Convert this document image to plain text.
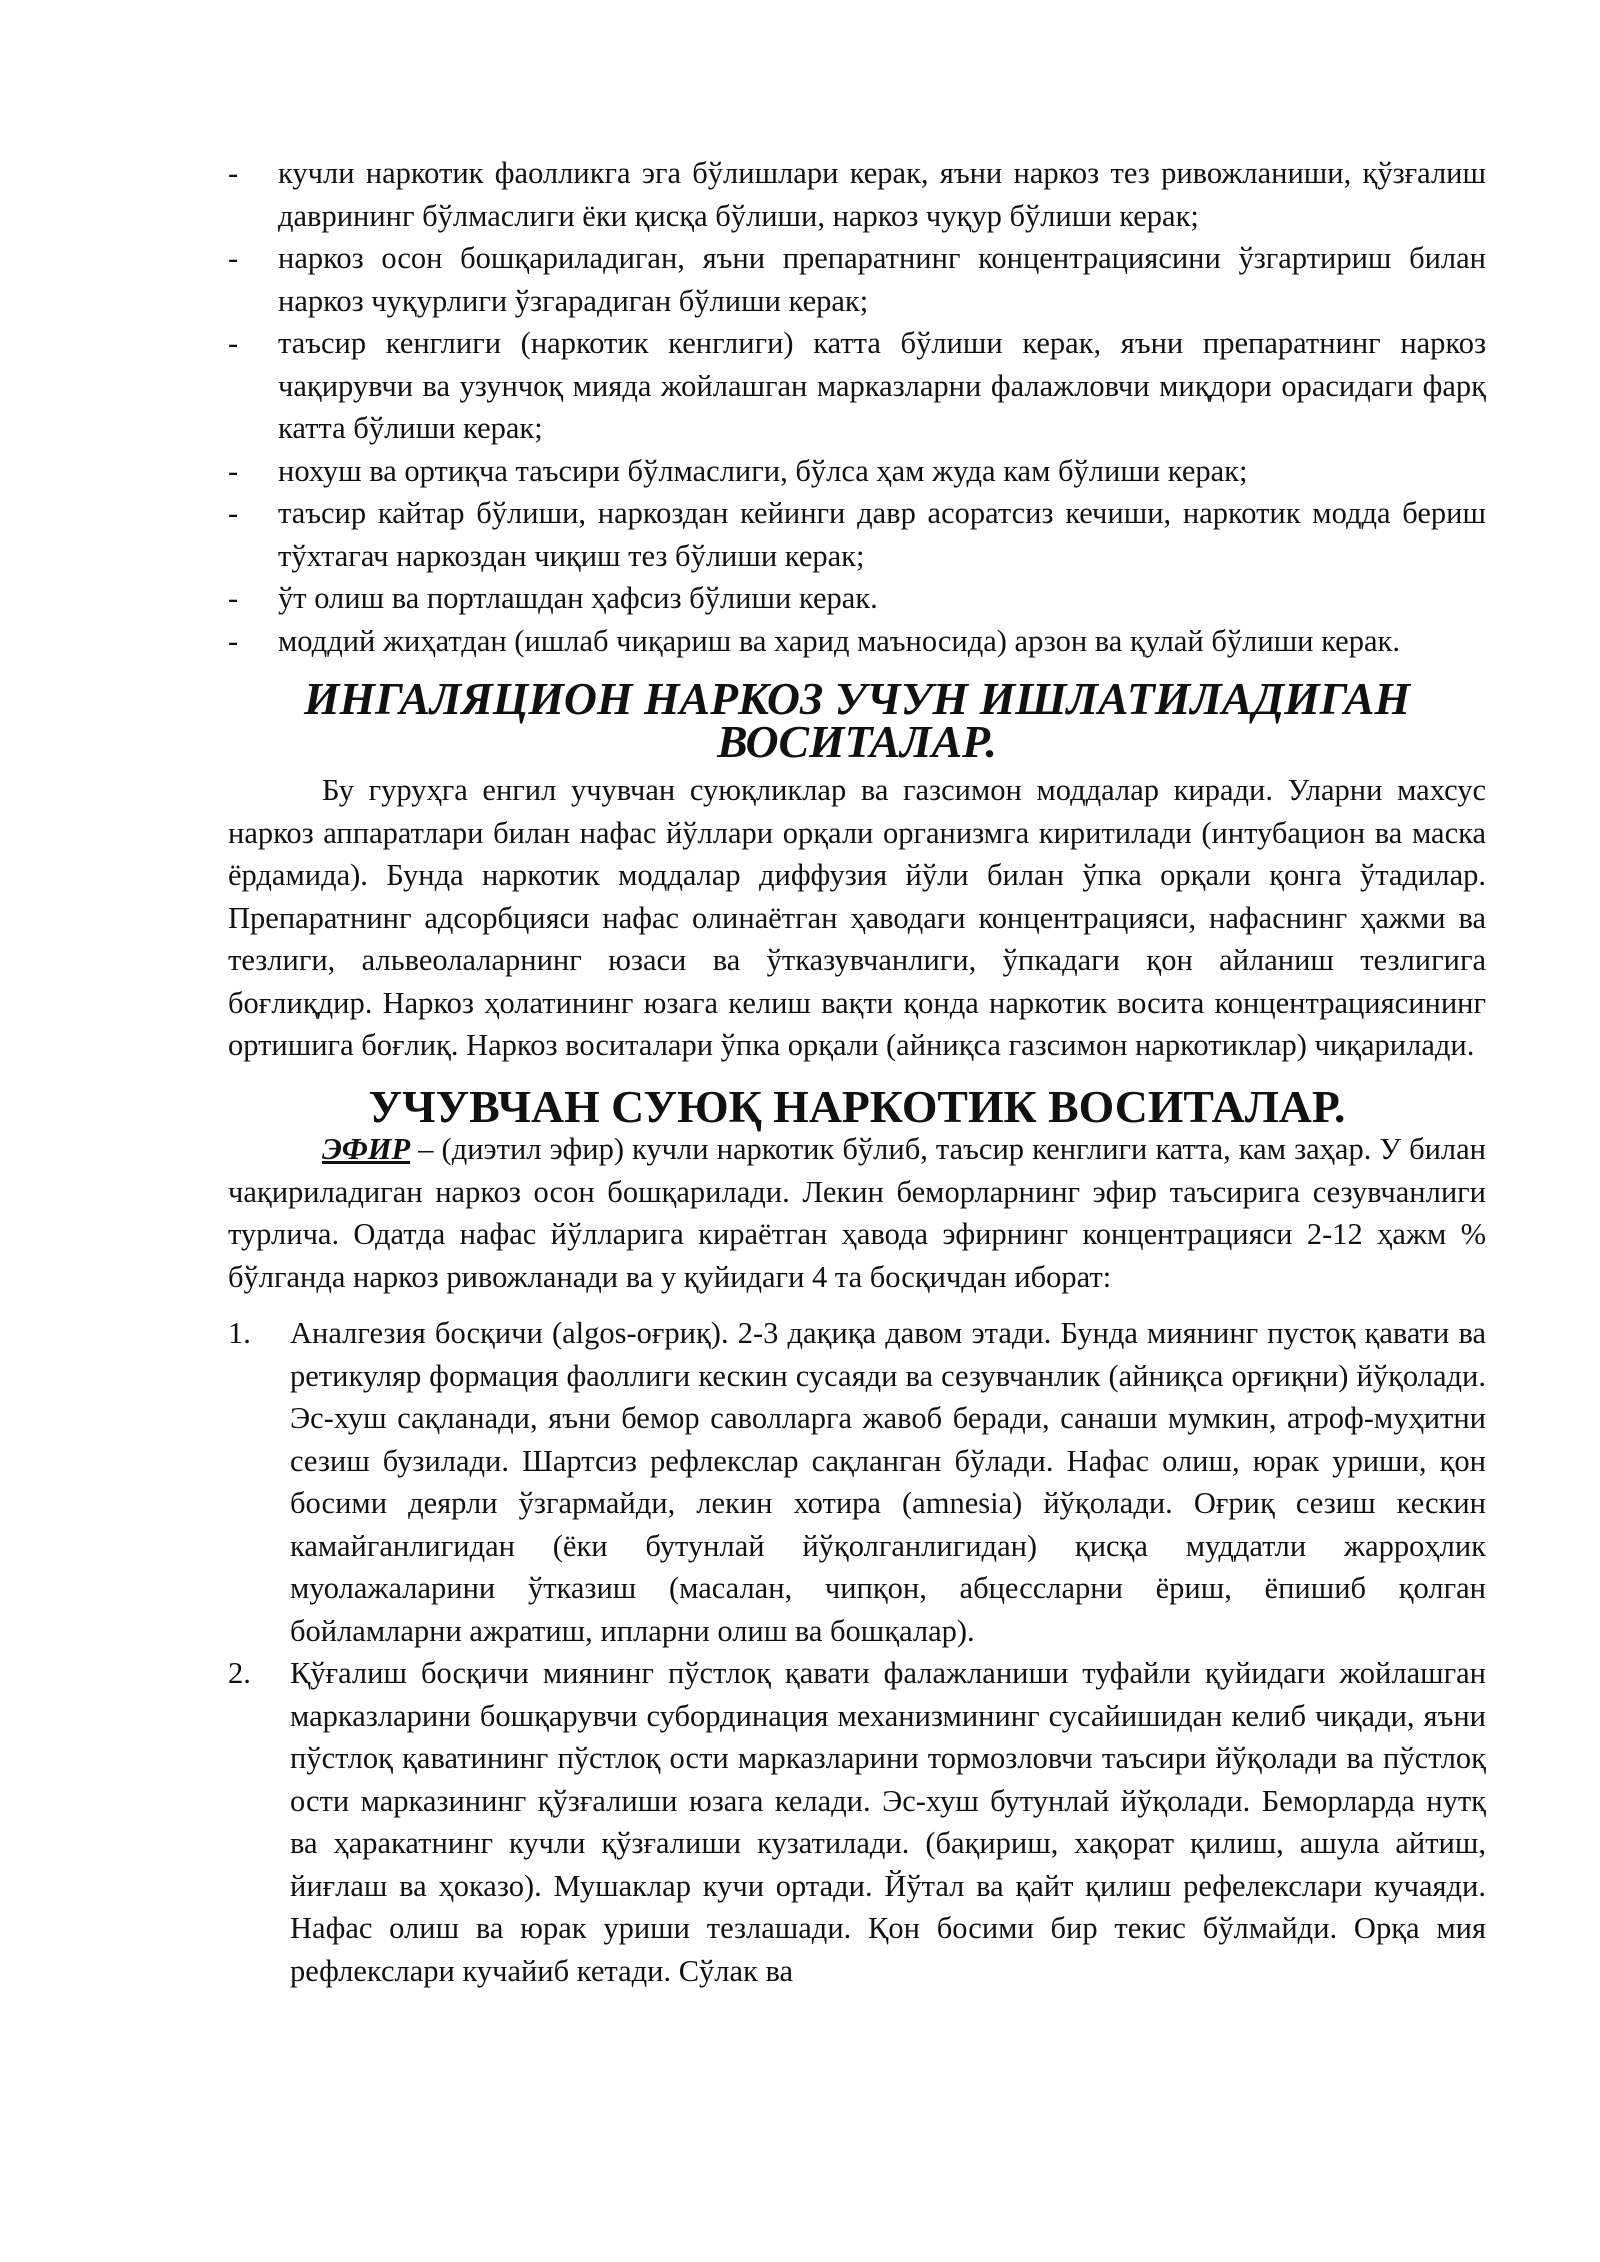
- кучли наркотик фаолликга эга бўлишлари керак, яъни наркоз тез ривожланиши, қўзғалиш даврининг бўлмаслиги ёки қисқа бўлиши, наркоз чуқур бўлиши керак;
- наркоз осон бошқариладиган, яъни препаратнинг концентрациясини ўзгартириш билан наркоз чуқурлиги ўзгарадиган бўлиши керак;
- таъсир кенглиги (наркотик кенглиги) катта бўлиши керак, яъни препаратнинг наркоз чақирувчи ва узунчоқ мияда жойлашган марказларни фалажловчи миқдори орасидаги фарқ катта бўлиши керак;
- нохуш ва ортиқча таъсири бўлмаслиги, бўлса ҳам жуда кам бўлиши керак;
- таъсир кайтар бўлиши, наркоздан кейинги давр асоратсиз кечиши, наркотик модда бериш тўхтагач наркоздан чиқиш тез бўлиши керак;
- ўт олиш ва портлашдан ҳафсиз бўлиши керак.
- моддий жиҳатдан (ишлаб чиқариш ва харид маъносида) арзон ва қулай бўлиши керак.
ИНГАЛЯЦИОН НАРКОЗ УЧУН ИШЛАТИЛАДИГАН ВОСИТАЛАР.

Бу гуруҳга енгил учувчан суюқликлар ва газсимон моддалар киради. Уларни махсус наркоз аппаратлари билан нафас йўллари орқали организмга киритилади (интубацион ва маска ёрдамида). Бунда наркотик моддалар диффузия йўли билан ўпка орқали қонга ўтадилар. Препаратнинг адсорбцияси нафас олинаётган ҳаводаги концентрацияси, нафаснинг ҳажми ва тезлиги, альвеолаларнинг юзаси ва ўтказувчанлиги, ўпкадаги қон айланиш тезлигига боғлиқдир. Наркоз ҳолатининг юзага келиш вақти қонда наркотик восита концентрациясининг ортишига боғлиқ. Наркоз воситалари ўпка орқали (айниқса газсимон наркотиклар) чиқарилади.

УЧУВЧАН СУЮҚ НАРКОТИК ВОСИТАЛАР.

ЭФИР – (диэтил эфир) кучли наркотик бўлиб, таъсир кенглиги катта, кам заҳар. У билан чақириладиган наркоз осон бошқарилади. Лекин беморларнинг эфир таъсирига сезувчанлиги турлича. Одатда нафас йўлларига кираётган ҳавода эфирнинг концентрацияси 2-12 ҳажм % бўлганда наркоз ривожланади ва у қуйидаги 4 та босқичдан иборат:

1. Аналгезия босқичи (algos-оғриқ). 2-3 дақиқа давом этади. Бунда миянинг пустоқ қавати ва ретикуляр формация фаоллиги кескин сусаяди ва сезувчанлик (айниқса орғиқни) йўқолади. Эс-хуш сақланади, яъни бемор саволларга жавоб беради, санаши мумкин, атроф-муҳитни сезиш бузилади. Шартсиз рефлекслар сақланган бўлади. Нафас олиш, юрак уриши, қон босими деярли ўзгармайди, лекин хотира (amnesia) йўқолади. Оғриқ сезиш кескин камайганлигидан (ёки бутунлай йўқолганлигидан) қисқа муддатли жарроҳлик муолажаларини ўтказиш (масалан, чипқон, абцессларни ёриш, ёпишиб қолган бойламларни ажратиш, ипларни олиш ва бошқалар).
2. Қўғалиш босқичи миянинг пўстлоқ қавати фалажланиши туфайли қуйидаги жойлашган марказларини бошқарувчи субординация механизмининг сусайишидан келиб чиқади, яъни пўстлоқ қаватининг пўстлоқ ости марказларини тормозловчи таъсири йўқолади ва пўстлоқ ости марказининг қўзғалиши юзага келади. Эс-хуш бутунлай йўқолади. Беморларда нутқ ва ҳаракатнинг кучли қўзғалиши кузатилади. (бақириш, хақорат қилиш, ашула айтиш, йиғлаш ва ҳоказо). Мушаклар кучи ортади. Йўтал ва қайт қилиш рефелекслари кучаяди. Нафас олиш ва юрак уриши тезлашади. Қон босими бир текис бўлмайди. Орқа мия рефлекслари кучайиб кетади. Сўлак ва
